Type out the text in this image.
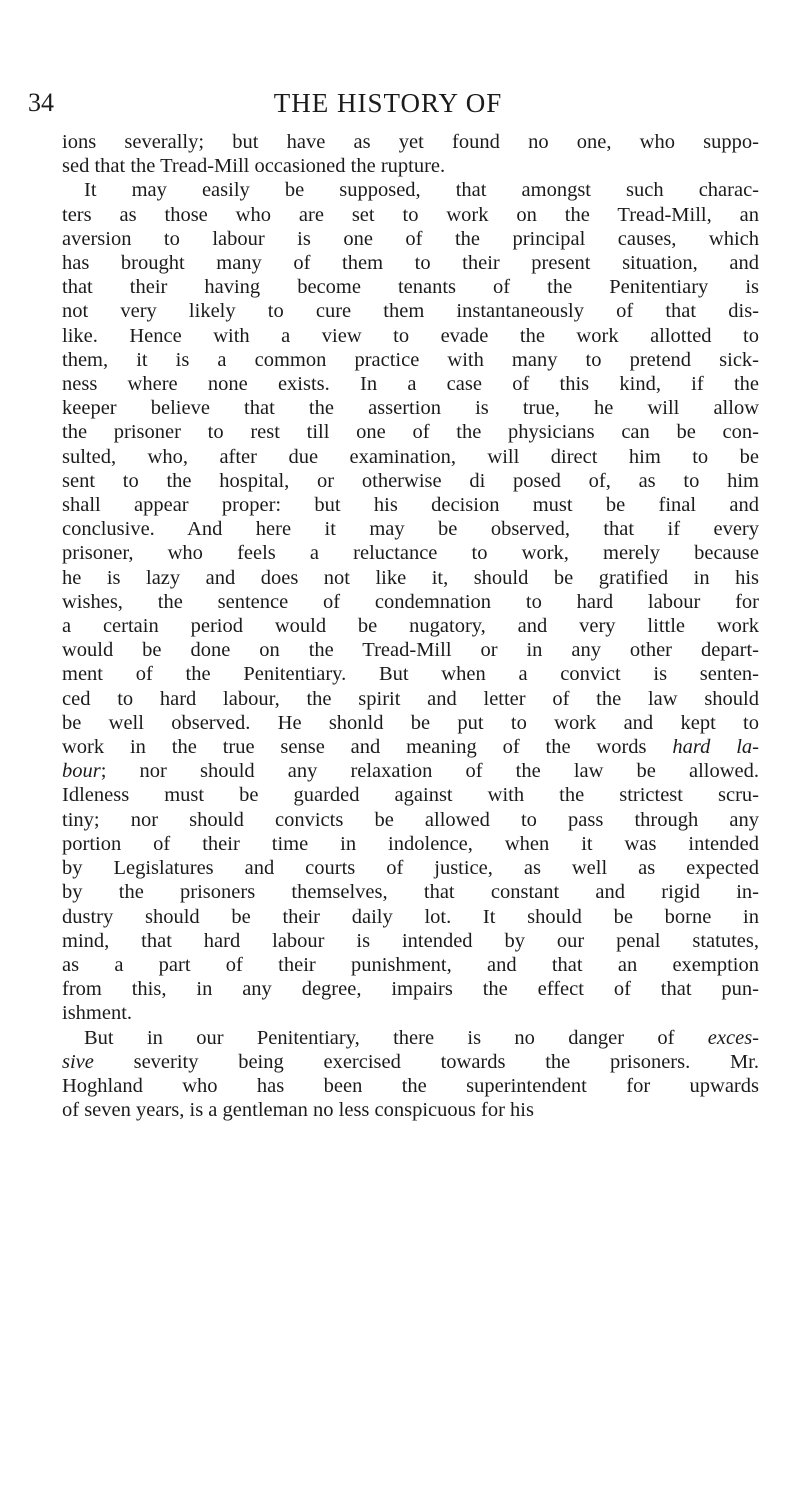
34	THE HISTORY OF

ions severally; but have as yet found no one, who suppo-
sed that the Tread-Mill occasioned the rupture.

It may easily be supposed, that amongst such charac-
ters as those who are set to work on the Tread-Mill, an
aversion to labour is one of the principal causes, which
has brought many of them to their present situation, and
that their having become tenants of the Penitentiary is
not very likely to cure them instantaneously of that dis-
like. Hence with a view to evade the work allotted to
them, it is a common practice with many to pretend sick-
ness where none exists. In a case of this kind, if the
keeper believe that the assertion is true, he will allow
the prisoner to rest till one of the physicians can be con-
sulted, who, after due examination, will direct him to be
sent to the hospital, or otherwise di posed of, as to him
shall appear proper: but his decision must be final and
conclusive. And here it may be observed, that if every
prisoner, who feels a reluctance to work, merely because
he is lazy and does not like it, should be gratified in his
wishes, the sentence of condemnation to hard labour for
a certain period would be nugatory, and very little work
would be done on the Tread-Mill or in any other depart-
ment of the Penitentiary. But when a convict is senten-
ced to hard labour, the spirit and letter of the law should
be well observed. He shonld be put to work and kept to
work in the true sense and meaning of the words hard la-
bour; nor should any relaxation of the law be allowed.
Idleness must be guarded against with the strictest scru-
tiny; nor should convicts be allowed to pass through any
portion of their time in indolence, when it was intended
by Legislatures and courts of justice, as well as expected
by the prisoners themselves, that constant and rigid in-
dustry should be their daily lot. It should be borne in
mind, that hard labour is intended by our penal statutes,
as a part of their punishment, and that an exemption
from this, in any degree, impairs the effect of that pun-
ishment.

But in our Penitentiary, there is no danger of exces-
sive severity being exercised towards the prisoners. Mr.
Hoghland who has been the superintendent for upwards
of seven years, is a gentleman no less conspicuous for his
